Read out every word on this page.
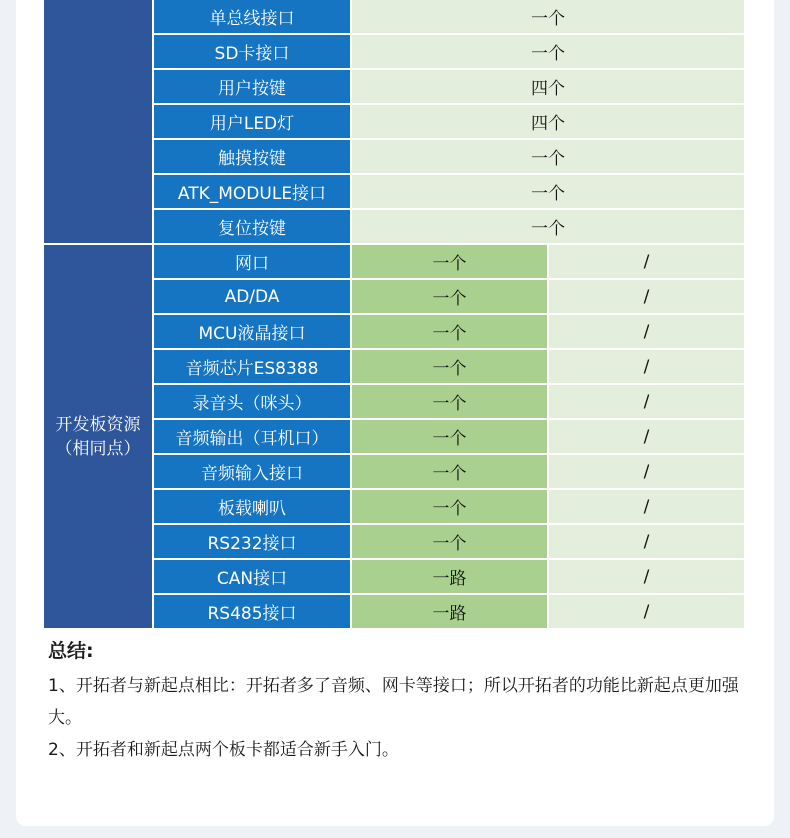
开发板资源
（相同点）
单总线接口	一个
SD卡接口	一个
用户按键	四个
用户LED灯	四个
触摸按键	一个
ATK_MODULE接口	一个
复位按键	一个
网口	一个	/
AD/DA	一个	/
MCU液晶接口	一个	/
音频芯片ES8388	一个	/
录音头（咪头）	一个	/
音频输出（耳机口）	一个	/
音频输入接口	一个	/
板载喇叭	一个	/
RS232接口	一个	/
CAN接口	一路	/
RS485接口	一路	/
总结:

1、开拓者与新起点相比：开拓者多了音频、网卡等接口；所以开拓者的功能比新起点更加强大。

2、开拓者和新起点两个板卡都适合新手入门。
